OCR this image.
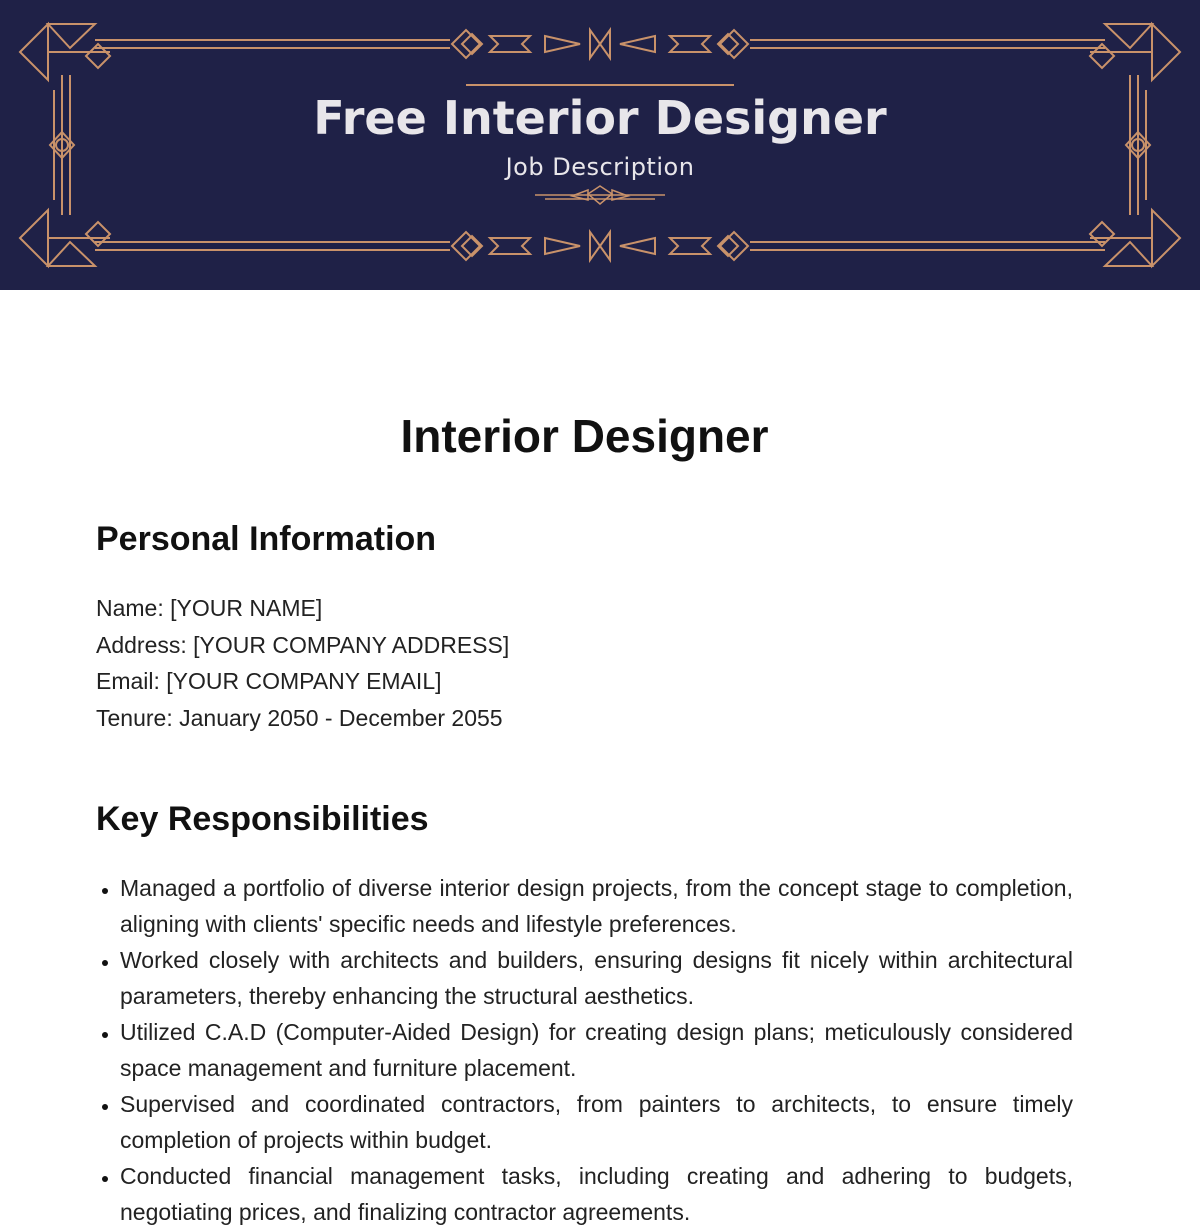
Free Interior Designer
Job Description
Interior Designer
Personal Information
Name: [YOUR NAME]
Address: [YOUR COMPANY ADDRESS]
Email: [YOUR COMPANY EMAIL]
Tenure: January 2050 - December 2055
Key Responsibilities
Managed a portfolio of diverse interior design projects, from the concept stage to completion, aligning with clients' specific needs and lifestyle preferences.
Worked closely with architects and builders, ensuring designs fit nicely within architectural parameters, thereby enhancing the structural aesthetics.
Utilized C.A.D (Computer-Aided Design) for creating design plans; meticulously considered space management and furniture placement.
Supervised and coordinated contractors, from painters to architects, to ensure timely completion of projects within budget.
Conducted financial management tasks, including creating and adhering to budgets, negotiating prices, and finalizing contractor agreements.
